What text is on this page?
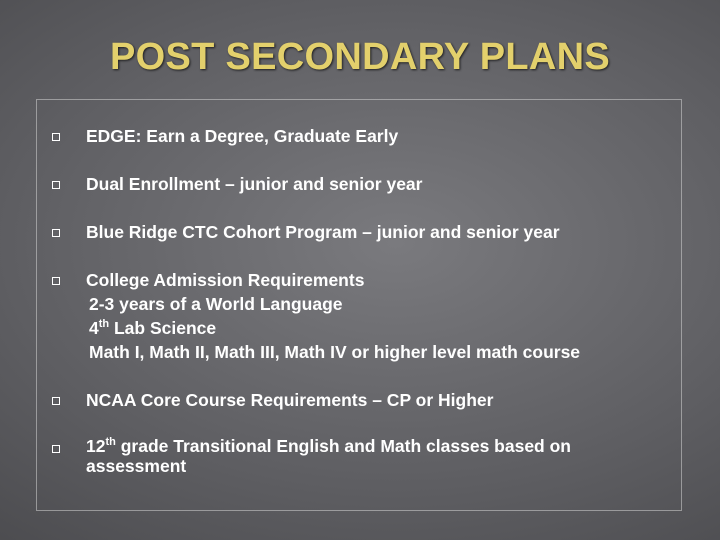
POST SECONDARY PLANS
EDGE: Earn a Degree, Graduate Early
Dual Enrollment – junior and senior year
Blue Ridge CTC Cohort Program – junior and senior year
College Admission Requirements
2-3 years of a World Language
4th Lab Science
Math I, Math II, Math III, Math IV or higher level math course
NCAA Core Course Requirements – CP or Higher
12th grade Transitional English and Math classes based on
assessment
